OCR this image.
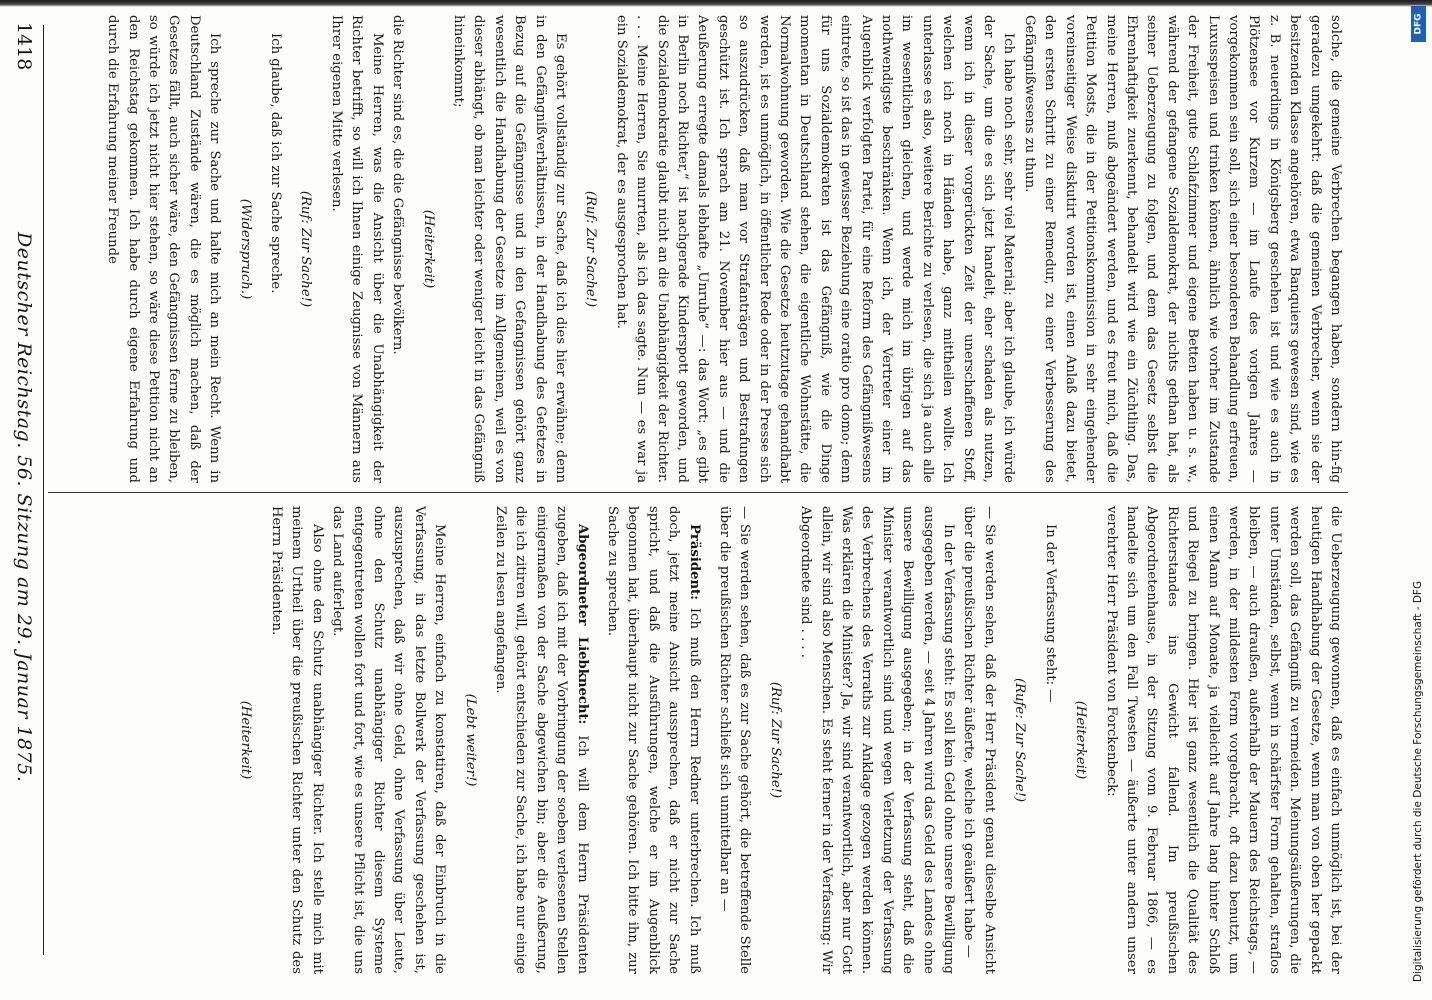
1418
Deutscher Reichstag. 56. Sitzung am 29. Januar 1875.	solche, die gemeine Verbrechen begangen haben, sondern hin-fig geradezu umgekehrt: daß die gemeinen Verbrecher, wenn sie der besitzenden Klasse angehören, etwa Banquiers gewesen sind, wie es z. B. neuerdings in Königsberg geschehen ist und wie es auch in Plötzensee vor Kurzem — im Laufe des vorigen Jahres — vorgekommen sein soll, sich einer besonderen Behandlung erfreuen, Luxusspeisen und trinken können, ähnlich wie vorher im Zustande der Freiheit, gute Schlafzimmer und eigene Betten haben u. s. w., während der gefangene Sozialdemokrat, der nichts gethan hat, als seiner Ueberzeugung zu folgen, und dem das Gesetz selbst die Ehrenhaftigkeit zuerkennt, behandelt wird wie ein Züchtling. Das, meine Herren, muß abgeändert werden, und es freut mich, daß die Petition Mosts, die in der Petitionskommission in sehr eingehender voreinseitiger Weise diskutirt worden ist, einen Anlaß dazu bietet, den ersten Schritt zu einer Remedur, zu einer Verbesserung des Gefängnißwesens zu thun.

Ich habe noch sehr, sehr viel Material; aber ich glaube, ich würde der Sache, um die es sich jetzt handelt, eher schaden als nutzen, wenn ich in dieser vorgerückten Zeit der unerschaffenen Stoff, welchen ich noch in Händen habe, ganz mittheilen wollte. Ich unterlasse es also, weitere Berichte zu verlesen, die sich ja auch alle im wesentlichen gleichen, und werde mich im übrigen auf das nothwendigste beschränken. Wenn ich, der Vertreter einer im Augenblick verfolgten Partei, für eine Reform des Gefängnißwesens eintrete, so ist das in gewisser Beziehung eine oratio pro domo; denn für uns Sozialdemokraten ist das Gefängniß, wie die Dinge momentan in Deutschland stehen, die eigentliche Wohnstätte, die Normalwohnung geworden. Wie die Gesetze heutzutage gehandhabt werden, ist es unmöglich, in öffentlicher Rede oder in der Presse sich so auszudrücken, daß man vor Strafanträgen und Bestrafungen geschützt ist. Ich sprach am 21. November hier aus — und die Aeußerung erregte damals lebhafte „Unruhe“ —: das Wort: „es gibt in Berlin noch Richter,“ ist nachgerade Kinderspott geworden, und die Sozialdemokratie glaubt nicht an die Unabhängigkeit der Richter. . . . Meine Herren, Sie murrten, als ich das sagte. Nun — es war ja ein Sozialdemokrat, der es ausgesprochen hat.

(Ruf: Zur Sache!)

Es gehört vollständig zur Sache, daß ich dies hier erwähne; denn in den Gefängnißverhältnissen, in der Handhabung des Gefetzes in Bezug auf die Gefängnisse und in den Gefangnissen gehört ganz wesentlich die Handhabung der Gesetze im Allgemeinen, weil es von dieser abhängt, ob man leichter oder weniger leicht in das Gefängniß hineinkommt;

(Heiterkeit)

die Richter sind es, die die Gefängnisse bevölkern.

Meine Herren, was die Ansicht über die Unabhängigkeit der Richter betrifft, so will ich Ihnen einige Zeugnisse von Männern aus Ihrer eigenen Mitte verlesen.

(Ruf: Zur Sache!)

Ich glaube, daß ich zur Sache spreche.

(Widerspruch.)

Ich spreche zur Sache und halte mich an mein Recht. Wenn in Deutschland Zustände wären, die es möglich machen, daß der Gesetzes fällt, auch sicher wäre, den Gefängnissen ferne zu bleiben, so würde ich jetzt nicht hier stehen, so wäre diese Petition nicht an den Reichstag gekommen. Ich habe durch eigene Erfahrung und durch die Erfahrung meiner Freunde

die Ueberzeugung gewonnen, daß es einfach unmöglich ist, bei der heutigen Handhabung der Gesetze, wenn man von oben her gepackt werden soll, das Gefängniß zu vermeiden. Meinungsäußerungen, die unter Umständen, selbst, wenn in schärfster Form gehalten, straflos bleiben, — auch draußen, außerhalb der Mauern des Reichstags, — werden, in der mildesten Form vorgebracht, oft dazu benutzt, um einen Mann auf Monate, ja vielleicht auf Jahre lang hinter Schloß und Riegel zu bringen. Hier ist ganz wesentlich die Qualität des Richterstandes ins Gewicht fallend. Im preußischen Abgeordnetenhause, in der Sitzung vom 9. Februar 1866, — es handelte sich um den Fall Twesten — äußerte unter andern unser verehrter Herr Präsident von Forckenbeck:

(Heiterkeit)

In der Verfassung steht: —

(Rufe: Zur Sache!)

— Sie werden sehen, daß der Herr Präsident genau dieselbe Ansicht über die preußischen Richter äußerte, welche ich geäußert habe —

In der Verfassung steht: Es soll kein Geld ohne unsere Bewilligung ausgegeben werden, — seit 4 Jahren wird das Geld des Landes ohne unsere Bewilligung ausgegeben; in der Verfassung steht, daß die Minister verantwortlich sind und wegen Verletzung der Verfassung des Verbrechens des Verraths zur Anklage gezogen werden können. Was erklären die Minister? Ja, wir sind verantwortlich, aber nur Gott allein, wir sind also Menschen. Es steht ferner in der Verfassung: Wir Abgeordnete sind . . . .

(Ruf: Zur Sache!)

— Sie werden sehen, daß es zur Sache gehört, die betreffende Stelle über die preußischen Richter schließt sich unmittelbar an —

Präsident: Ich muß den Herrn Redner unterbrechen. Ich muß doch, jetzt meine Ansicht aussprechen, daß er nicht zur Sache spricht, und daß die Ausführungen, welche er im Augenblick begonnen hat, überhaupt nicht zur Sache gehören. Ich bitte ihn, zur Sache zu sprechen.

Abgeordneter Liebknecht: Ich will dem Herrn Präsidenten zugeben, daß ich mit der Vorbringung der soeben verlesenen Stellen einigermaßen von der Sache abgewichen bin; aber die Aeußerung, die ich zitiren will, gehört entschieden zur Sache, ich habe nur einige Zeilen zu lesen angefangen.

(Lebt weiter!)

Meine Herren, einfach zu konstatiren, daß der Einbruch in die Verfassung, in das letzte Bollwerk der Verfassung geschehen ist, auszusprechen, daß wir ohne Geld, ohne Verfassung über Leute, ohne den Schutz unabhängiger Richter diesem Systeme entgegentreten wollen fort und fort, wie es unsere Pflicht ist, die uns das Land auferlegt.

Also ohne den Schutz unabhängiger Richter. Ich stelle mich mit meinem Urtheil über die preußischen Richter unter den Schutz des Herrn Präsidenten.

(Heiterkeit)	Digitalisierung gefördert durch die Deutsche Forschungsgemeinschaft - DFG
DFG
